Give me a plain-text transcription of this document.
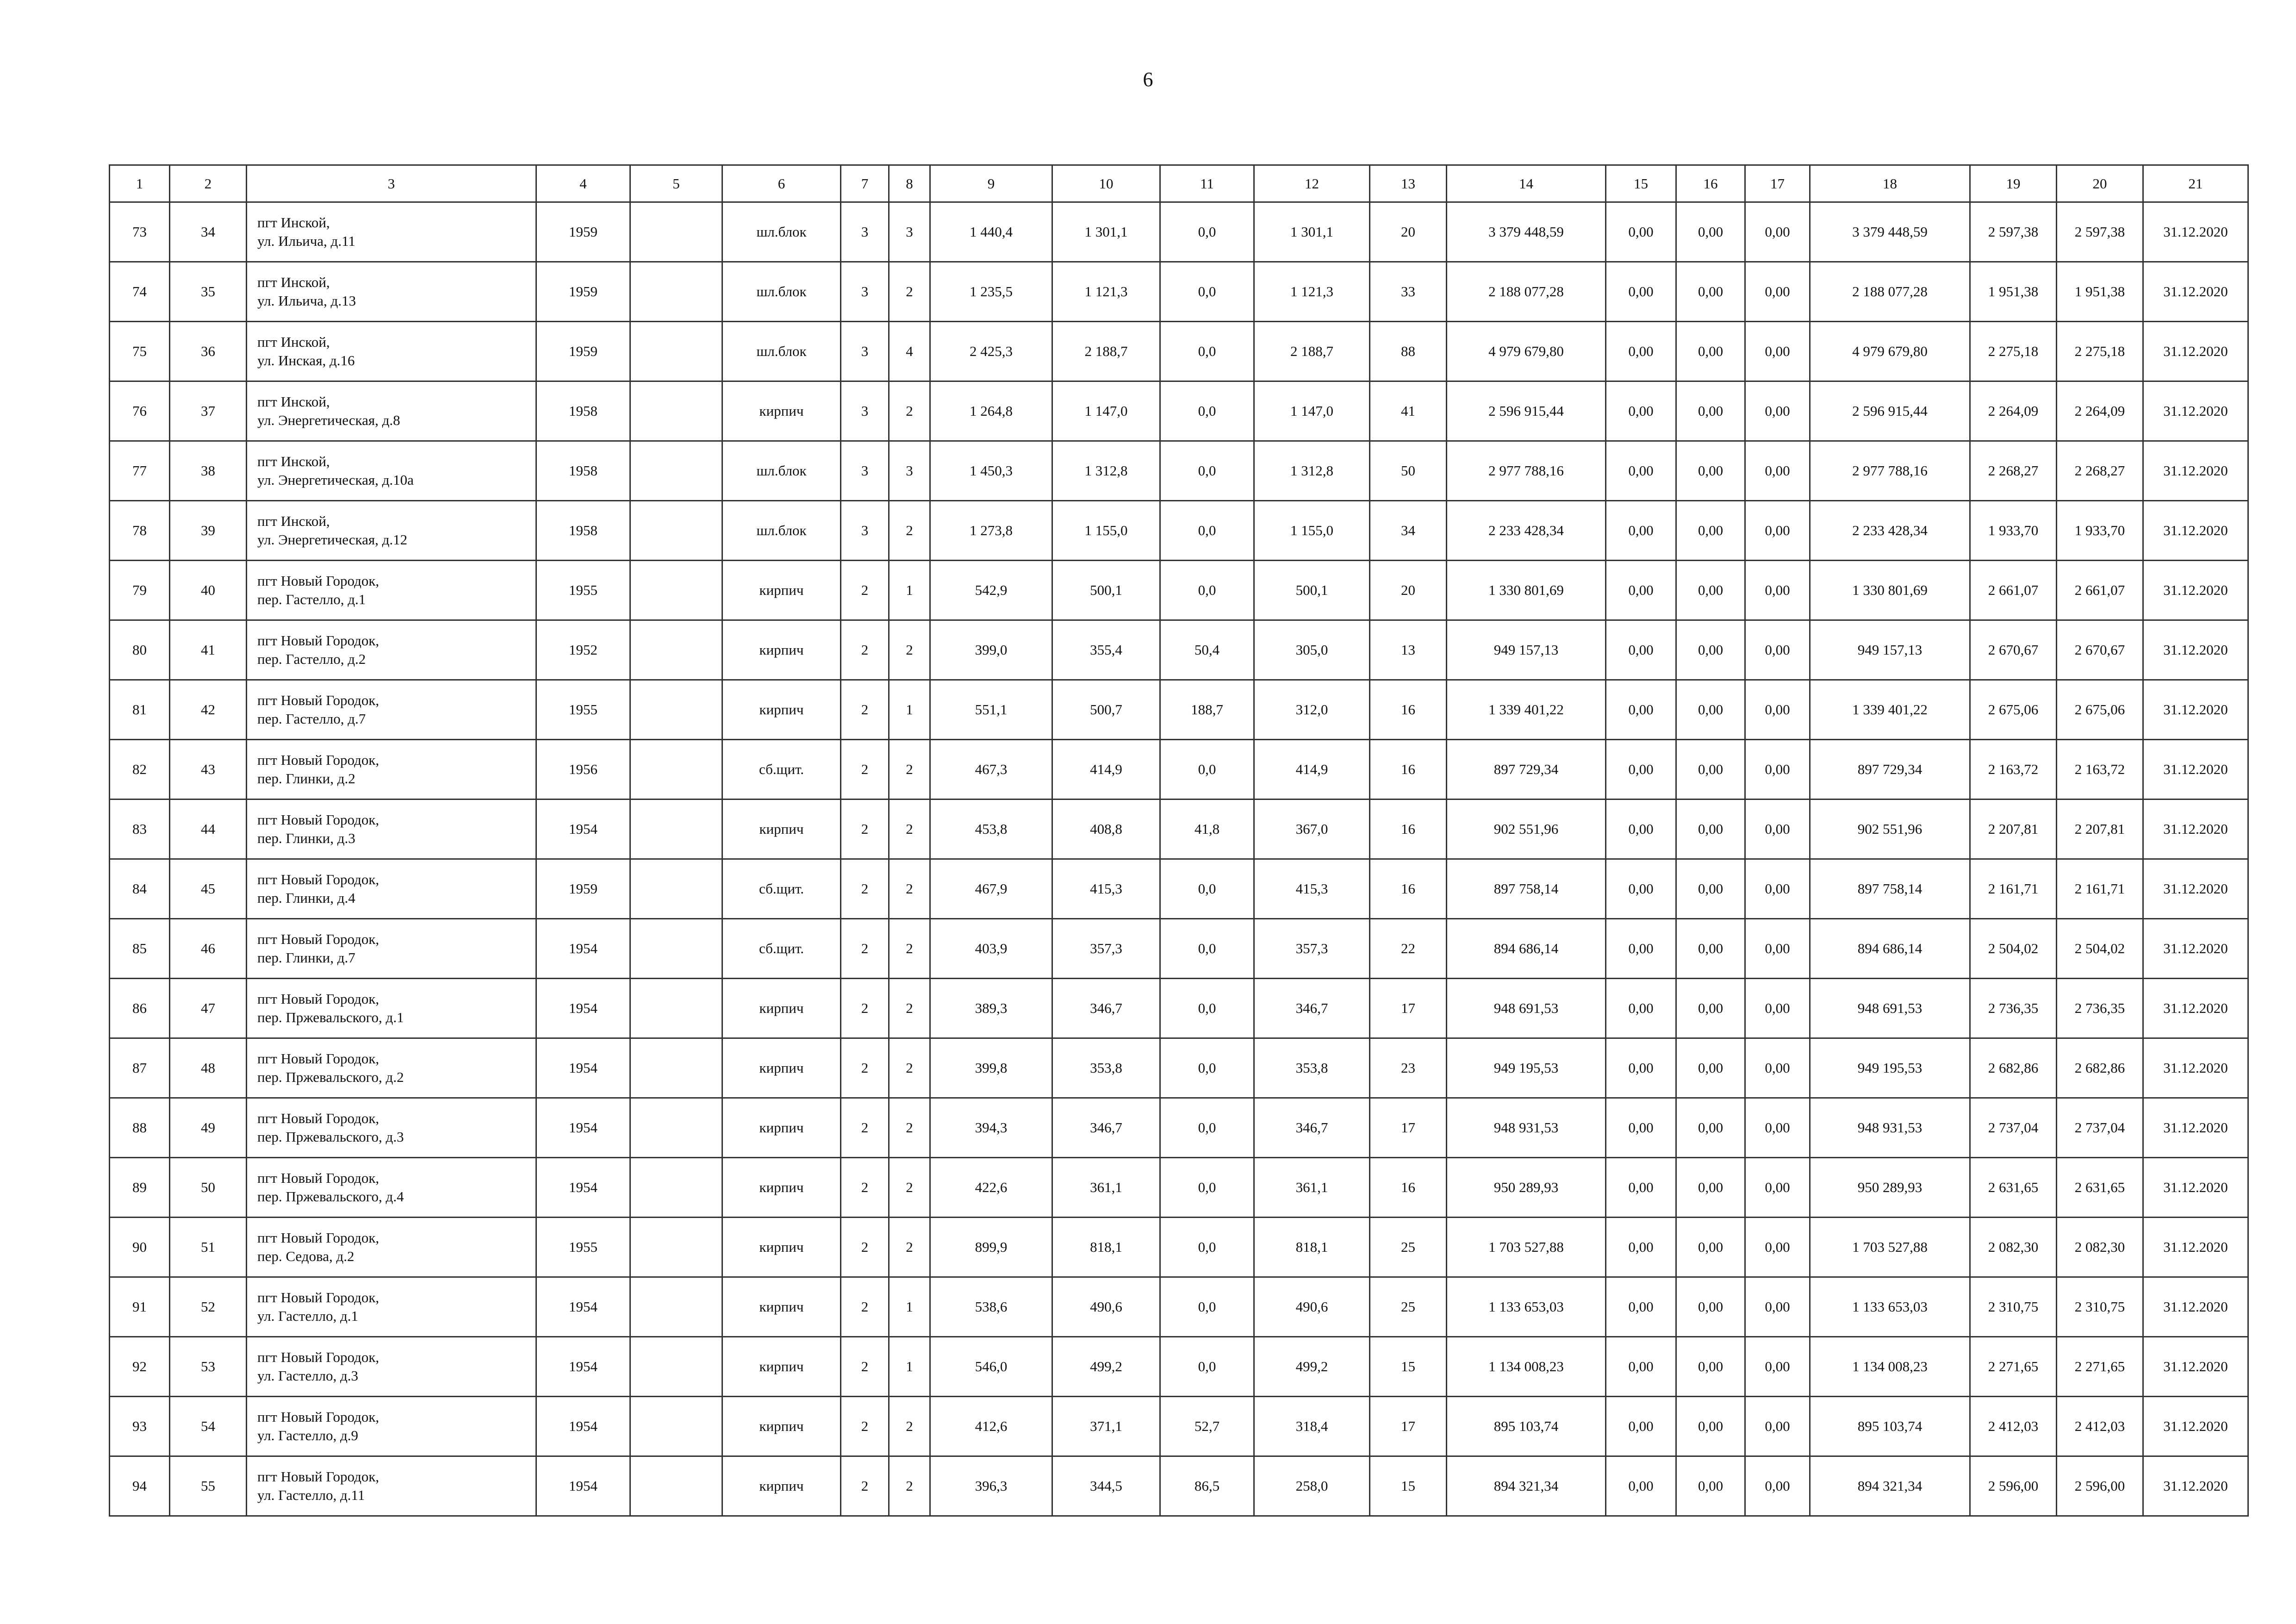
6
1	2	3	4	5	6	7	8	9	10	11	12	13	14	15	16	17	18	19	20	21
73	34	пгт Инской,
ул. Ильича, д.11	1959		шл.блок	3	3	1 440,4	1 301,1	0,0	1 301,1	20	3 379 448,59	0,00	0,00	0,00	3 379 448,59	2 597,38	2 597,38	31.12.2020
74	35	пгт Инской,
ул. Ильича, д.13	1959		шл.блок	3	2	1 235,5	1 121,3	0,0	1 121,3	33	2 188 077,28	0,00	0,00	0,00	2 188 077,28	1 951,38	1 951,38	31.12.2020
75	36	пгт Инской,
ул. Инская, д.16	1959		шл.блок	3	4	2 425,3	2 188,7	0,0	2 188,7	88	4 979 679,80	0,00	0,00	0,00	4 979 679,80	2 275,18	2 275,18	31.12.2020
76	37	пгт Инской,
ул. Энергетическая, д.8	1958		кирпич	3	2	1 264,8	1 147,0	0,0	1 147,0	41	2 596 915,44	0,00	0,00	0,00	2 596 915,44	2 264,09	2 264,09	31.12.2020
77	38	пгт Инской,
ул. Энергетическая, д.10а	1958		шл.блок	3	3	1 450,3	1 312,8	0,0	1 312,8	50	2 977 788,16	0,00	0,00	0,00	2 977 788,16	2 268,27	2 268,27	31.12.2020
78	39	пгт Инской,
ул. Энергетическая, д.12	1958		шл.блок	3	2	1 273,8	1 155,0	0,0	1 155,0	34	2 233 428,34	0,00	0,00	0,00	2 233 428,34	1 933,70	1 933,70	31.12.2020
79	40	пгт Новый Городок,
пер. Гастелло, д.1	1955		кирпич	2	1	542,9	500,1	0,0	500,1	20	1 330 801,69	0,00	0,00	0,00	1 330 801,69	2 661,07	2 661,07	31.12.2020
80	41	пгт Новый Городок,
пер. Гастелло, д.2	1952		кирпич	2	2	399,0	355,4	50,4	305,0	13	949 157,13	0,00	0,00	0,00	949 157,13	2 670,67	2 670,67	31.12.2020
81	42	пгт Новый Городок,
пер. Гастелло, д.7	1955		кирпич	2	1	551,1	500,7	188,7	312,0	16	1 339 401,22	0,00	0,00	0,00	1 339 401,22	2 675,06	2 675,06	31.12.2020
82	43	пгт Новый Городок,
пер. Глинки, д.2	1956		сб.щит.	2	2	467,3	414,9	0,0	414,9	16	897 729,34	0,00	0,00	0,00	897 729,34	2 163,72	2 163,72	31.12.2020
83	44	пгт Новый Городок,
пер. Глинки, д.3	1954		кирпич	2	2	453,8	408,8	41,8	367,0	16	902 551,96	0,00	0,00	0,00	902 551,96	2 207,81	2 207,81	31.12.2020
84	45	пгт Новый Городок,
пер. Глинки, д.4	1959		сб.щит.	2	2	467,9	415,3	0,0	415,3	16	897 758,14	0,00	0,00	0,00	897 758,14	2 161,71	2 161,71	31.12.2020
85	46	пгт Новый Городок,
пер. Глинки, д.7	1954		сб.щит.	2	2	403,9	357,3	0,0	357,3	22	894 686,14	0,00	0,00	0,00	894 686,14	2 504,02	2 504,02	31.12.2020
86	47	пгт Новый Городок,
пер. Пржевальского, д.1	1954		кирпич	2	2	389,3	346,7	0,0	346,7	17	948 691,53	0,00	0,00	0,00	948 691,53	2 736,35	2 736,35	31.12.2020
87	48	пгт Новый Городок,
пер. Пржевальского, д.2	1954		кирпич	2	2	399,8	353,8	0,0	353,8	23	949 195,53	0,00	0,00	0,00	949 195,53	2 682,86	2 682,86	31.12.2020
88	49	пгт Новый Городок,
пер. Пржевальского, д.3	1954		кирпич	2	2	394,3	346,7	0,0	346,7	17	948 931,53	0,00	0,00	0,00	948 931,53	2 737,04	2 737,04	31.12.2020
89	50	пгт Новый Городок,
пер. Пржевальского, д.4	1954		кирпич	2	2	422,6	361,1	0,0	361,1	16	950 289,93	0,00	0,00	0,00	950 289,93	2 631,65	2 631,65	31.12.2020
90	51	пгт Новый Городок,
пер. Седова, д.2	1955		кирпич	2	2	899,9	818,1	0,0	818,1	25	1 703 527,88	0,00	0,00	0,00	1 703 527,88	2 082,30	2 082,30	31.12.2020
91	52	пгт Новый Городок,
ул. Гастелло, д.1	1954		кирпич	2	1	538,6	490,6	0,0	490,6	25	1 133 653,03	0,00	0,00	0,00	1 133 653,03	2 310,75	2 310,75	31.12.2020
92	53	пгт Новый Городок,
ул. Гастелло, д.3	1954		кирпич	2	1	546,0	499,2	0,0	499,2	15	1 134 008,23	0,00	0,00	0,00	1 134 008,23	2 271,65	2 271,65	31.12.2020
93	54	пгт Новый Городок,
ул. Гастелло, д.9	1954		кирпич	2	2	412,6	371,1	52,7	318,4	17	895 103,74	0,00	0,00	0,00	895 103,74	2 412,03	2 412,03	31.12.2020
94	55	пгт Новый Городок,
ул. Гастелло, д.11	1954		кирпич	2	2	396,3	344,5	86,5	258,0	15	894 321,34	0,00	0,00	0,00	894 321,34	2 596,00	2 596,00	31.12.2020
